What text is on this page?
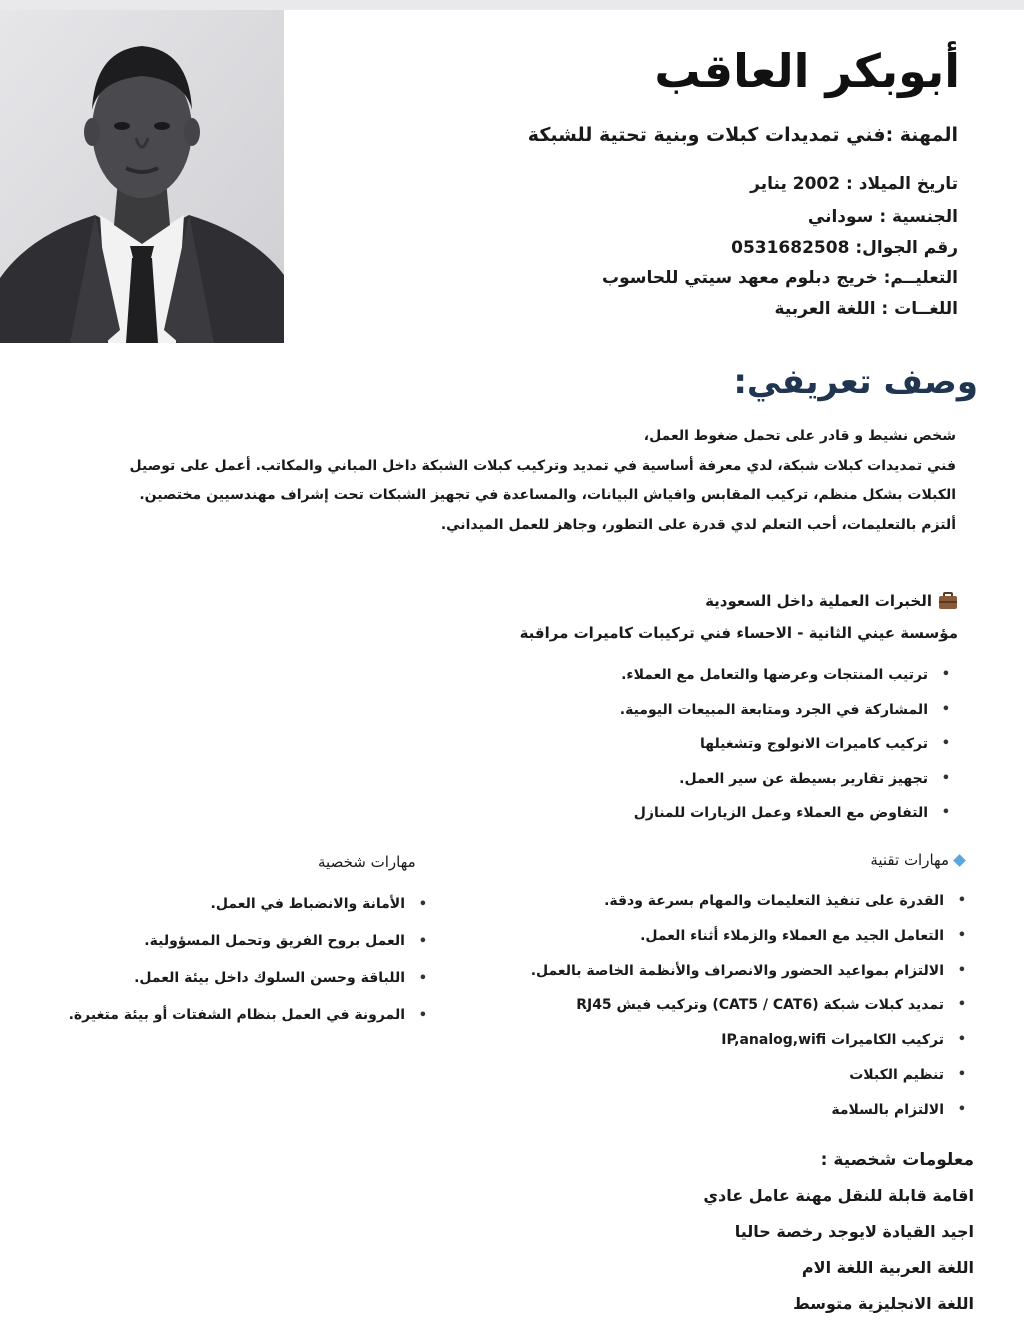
أبوبكر العاقب
المهنة :فني تمديدات كبلات وبنية تحتية للشبكة
تاريخ الميلاد : 2002 يناير
الجنسية : سوداني
رقم الجوال: 0531682508
التعليــم: خريج دبلوم معهد سيتي للحاسوب
اللغــات : اللغة العربية
وصف تعريفي:
شخص نشيط و قادر على تحمل ضغوط العمل،
فني تمديدات كبلات شبكة، لدي معرفة أساسية في تمديد وتركيب كبلات الشبكة داخل المباني والمكاتب. أعمل على توصيل
الكبلات بشكل منظم، تركيب المقابس وافياش البيانات، والمساعدة في تجهيز الشبكات تحت إشراف مهندسيين مختصين.
ألتزم بالتعليمات، أحب التعلم لدي قدرة على التطور، وجاهز للعمل الميداني.
الخبرات العملية داخل السعودية
مؤسسة عيني الثانية - الاحساء فني تركيبات كاميرات مراقبة
• ترتيب المنتجات وعرضها والتعامل مع العملاء.
• المشاركة في الجرد ومتابعة المبيعات اليومية.
• تركيب كاميرات الانولوج وتشغيلها
• تجهيز تقارير بسيطة عن سير العمل.
• التفاوض مع العملاء وعمل الزيارات للمنازل
مهارات تقنية
• القدرة على تنفيذ التعليمات والمهام بسرعة ودقة.
• التعامل الجيد مع العملاء والزملاء أثناء العمل.
• الالتزام بمواعيد الحضور والانصراف والأنظمة الخاصة بالعمل.
• تمديد كبلات شبكة (CAT5 / CAT6) وتركيب فيش RJ45
• تركيب الكاميرات IP,analog,wifi
• تنظيم الكبلات
• الالتزام بالسلامة
مهارات شخصية
• الأمانة والانضباط في العمل.
• العمل بروح الفريق وتحمل المسؤولية.
• اللباقة وحسن السلوك داخل بيئة العمل.
• المرونة في العمل بنظام الشفتات أو بيئة متغيرة.
معلومات شخصية :
اقامة قابلة للنقل مهنة عامل عادي
اجيد القيادة لايوجد رخصة حاليا
اللغة العربية اللغة الام
اللغة الانجليزية متوسط
